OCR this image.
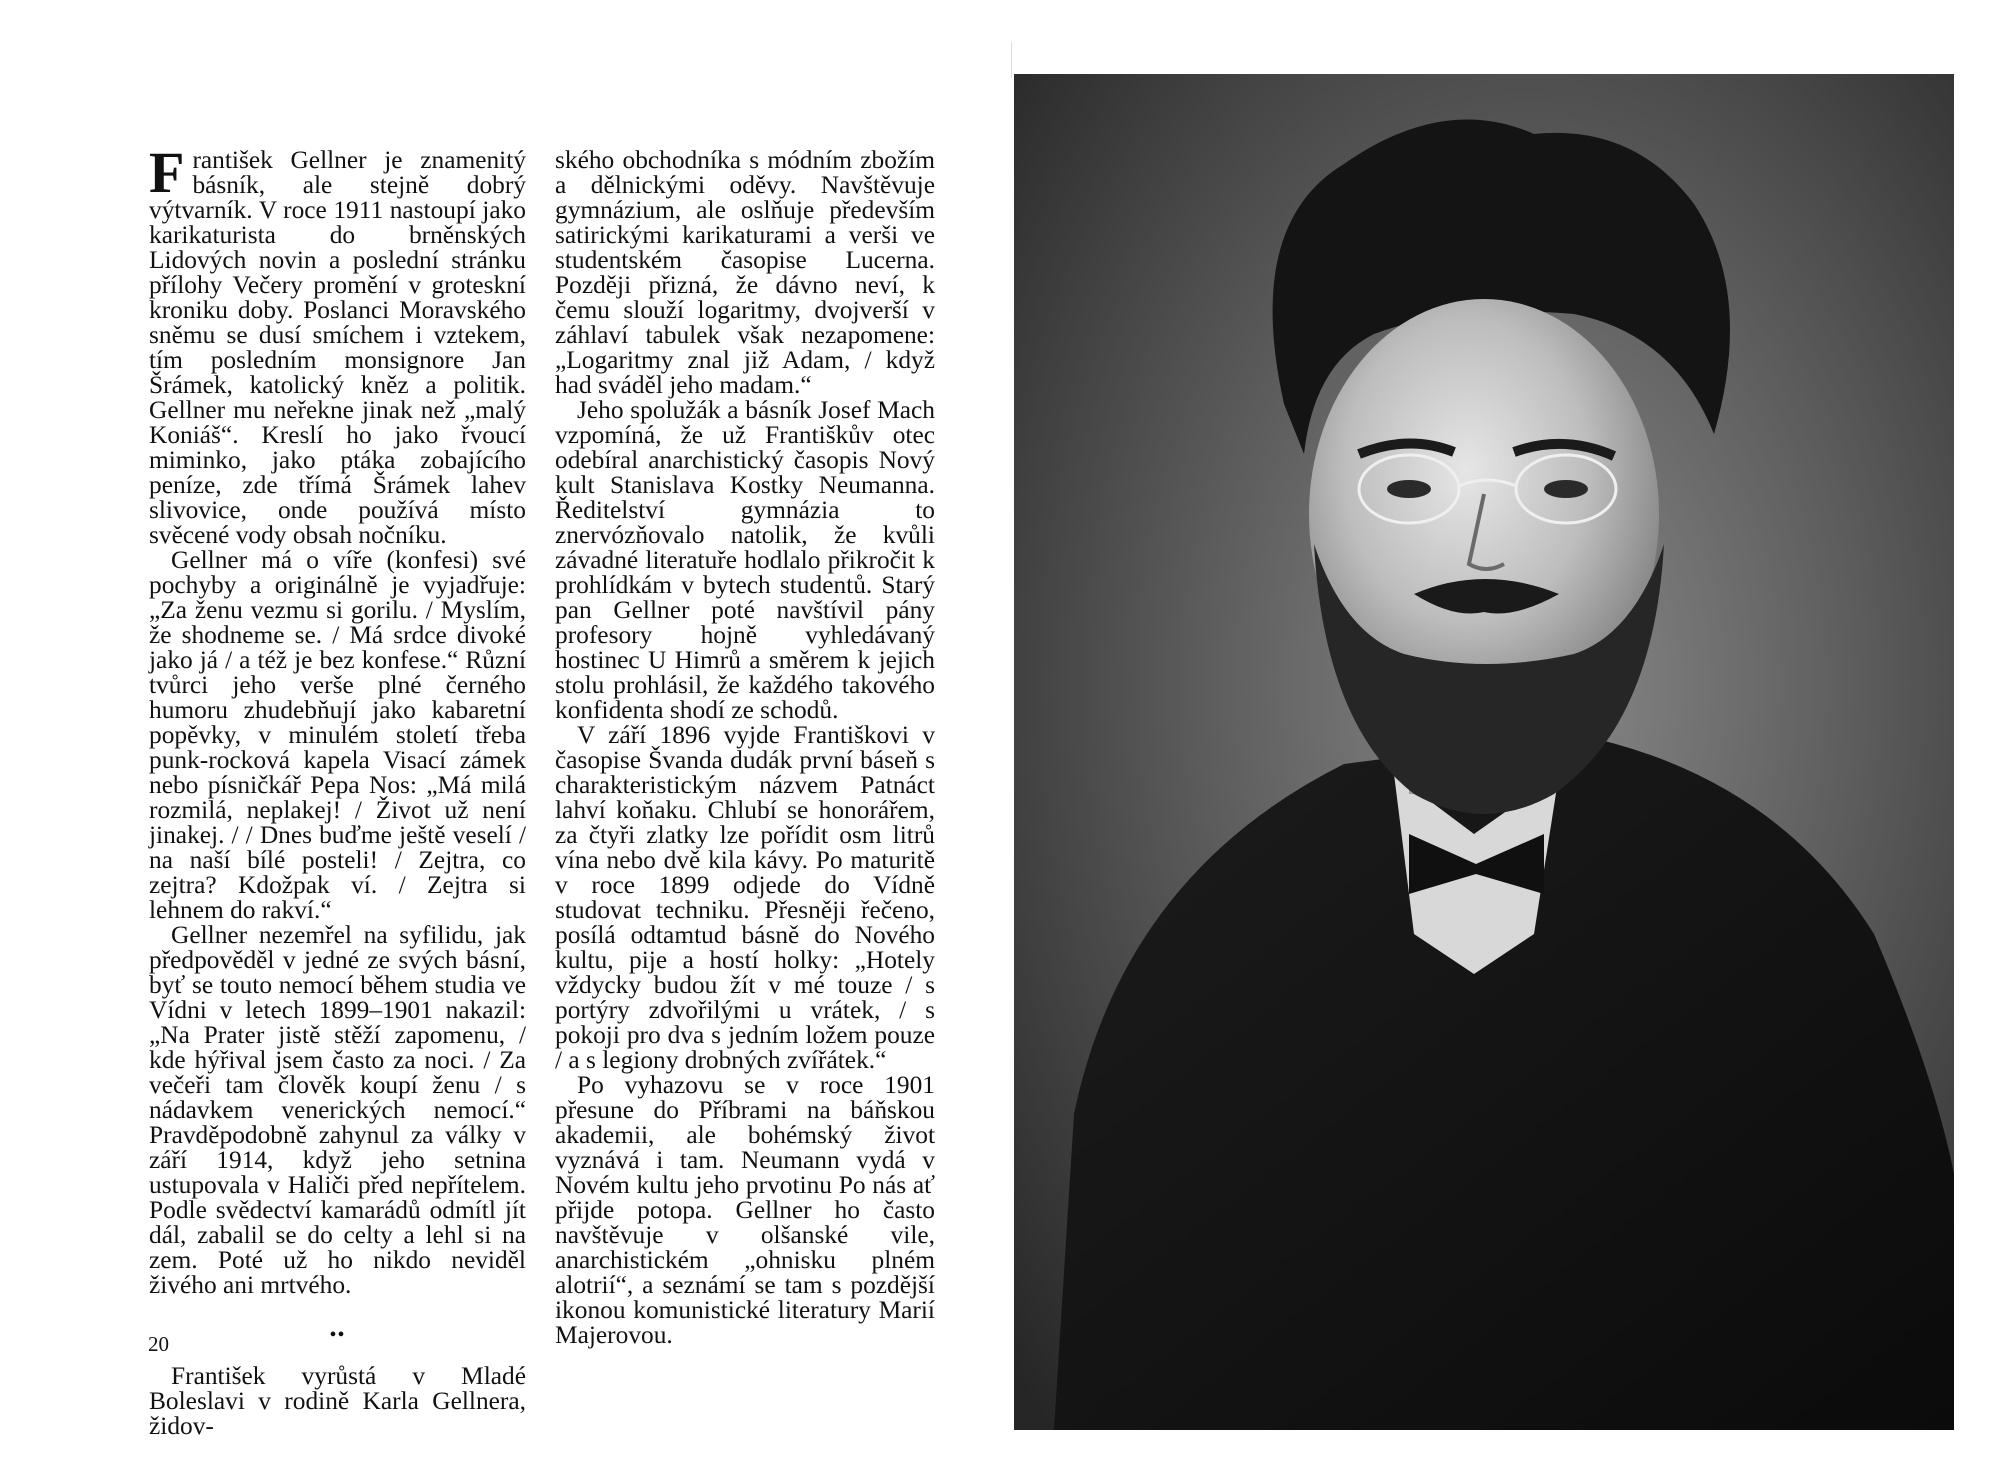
František Gellner je znamenitý básník, ale stejně dobrý výtvarník. V roce 1911 nastoupí jako karikaturista do brněnských Lidových novin a poslední stránku přílohy Večery promění v groteskní kroniku doby. Poslanci Moravského sněmu se dusí smíchem i vztekem, tím posledním monsignore Jan Šrámek, katolický kněz a politik. Gellner mu neřekne jinak než „malý Koniáš“. Kreslí ho jako řvoucí miminko, jako ptáka zobajícího peníze, zde třímá Šrámek lahev slivovice, onde používá místo svěcené vody obsah nočníku.

Gellner má o víře (konfesi) své pochyby a originálně je vyjadřuje: „Za ženu vezmu si gorilu. / Myslím, že shodneme se. / Má srdce divoké jako já / a též je bez konfese.“ Různí tvůrci jeho verše plné černého humoru zhudebňují jako kabaretní popěvky, v minulém století třeba punk-rocková kapela Visací zámek nebo písničkář Pepa Nos: „Má milá rozmilá, neplakej! / Život už není jinakej. / / Dnes buďme ještě veselí / na naší bílé posteli! / Zejtra, co zejtra? Kdožpak ví. / Zejtra si lehnem do rakví.“

Gellner nezemřel na syfilidu, jak předpověděl v jedné ze svých básní, byť se touto nemocí během studia ve Vídni v letech 1899–1901 nakazil: „Na Prater jistě stěží zapomenu, / kde hýřival jsem často za noci. / Za večeři tam člověk koupí ženu / s nádavkem venerických nemocí.“ Pravděpodobně zahynul za války v září 1914, když jeho setnina ustupovala v Haliči před nepřítelem. Podle svědectví kamarádů odmítl jít dál, zabalil se do celty a lehl si na zem. Poté už ho nikdo neviděl živého ani mrtvého.

••

František vyrůstá v Mladé Boleslavi v rodině Karla Gellnera, židov-

ského obchodníka s módním zbožím a dělnickými oděvy. Navštěvuje gymnázium, ale oslňuje především satirickými karikaturami a verši ve studentském časopise Lucerna. Později přizná, že dávno neví, k čemu slouží logaritmy, dvojverší v záhlaví tabulek však nezapomene: „Logaritmy znal již Adam, / když had sváděl jeho madam.“

Jeho spolužák a básník Josef Mach vzpomíná, že už Františkův otec odebíral anarchistický časopis Nový kult Stanislava Kostky Neumanna. Ředitelství gymnázia to znervózňovalo natolik, že kvůli závadné literatuře hodlalo přikročit k prohlídkám v bytech studentů. Starý pan Gellner poté navštívil pány profesory hojně vyhledávaný hostinec U Himrů a směrem k jejich stolu prohlásil, že každého takového konfidenta shodí ze schodů.

V září 1896 vyjde Františkovi v časopise Švanda dudák první báseň s charakteristickým názvem Patnáct lahví koňaku. Chlubí se honorářem, za čtyři zlatky lze pořídit osm litrů vína nebo dvě kila kávy. Po maturitě v roce 1899 odjede do Vídně studovat techniku. Přesněji řečeno, posílá odtamtud básně do Nového kultu, pije a hostí holky: „Hotely vždycky budou žít v mé touze / s portýry zdvořilými u vrátek, / s pokoji pro dva s jedním ložem pouze / a s legiony drobných zvířátek.“

Po vyhazovu se v roce 1901 přesune do Příbrami na báňskou akademii, ale bohémský život vyznává i tam. Neumann vydá v Novém kultu jeho prvotinu Po nás ať přijde potopa. Gellner ho často navštěvuje v olšanské vile, anarchistickém „ohnisku plném alotrií“, a seznámí se tam s pozdější ikonou komunistické literatury Marií Majerovou.

20
